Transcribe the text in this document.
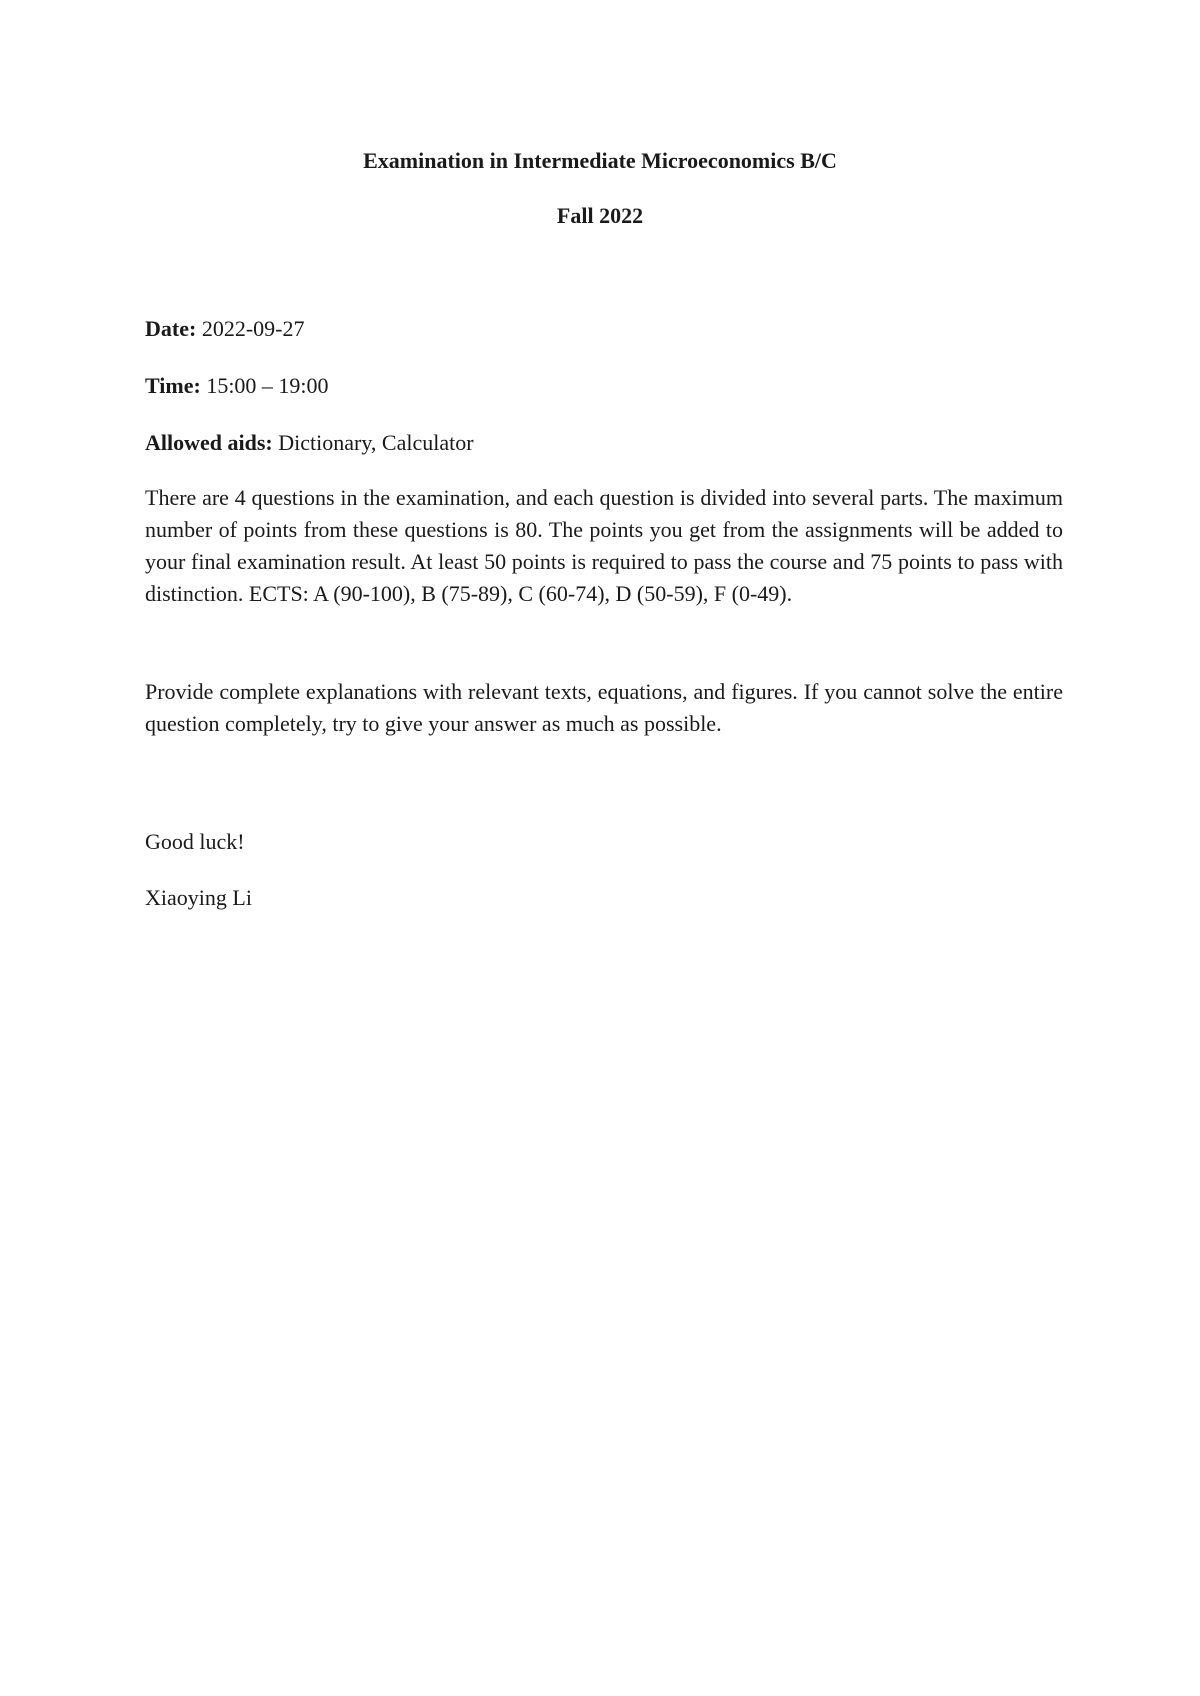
Examination in Intermediate Microeconomics B/C
Fall 2022

Date: 2022-09-27

Time: 15:00 – 19:00

Allowed aids: Dictionary, Calculator

There are 4 questions in the examination, and each question is divided into several parts. The maximum number of points from these questions is 80. The points you get from the assignments will be added to your final examination result. At least 50 points is required to pass the course and 75 points to pass with distinction. ECTS: A (90-100), B (75-89), C (60-74), D (50-59), F (0-49).

Provide complete explanations with relevant texts, equations, and figures. If you cannot solve the entire question completely, try to give your answer as much as possible.

Good luck!

Xiaoying Li
